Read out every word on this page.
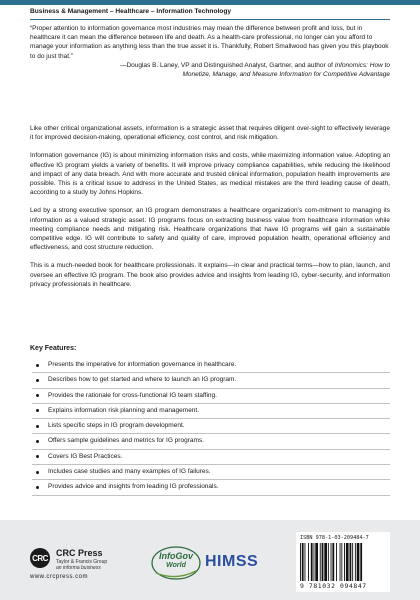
Business & Management – Healthcare – Information Technology

“Proper attention to information governance most industries may mean the difference between profit and loss, but in healthcare it can mean the difference between life and death. As a health-care professional, no longer can you afford to manage your information as anything less than the true asset it is. Thankfully, Robert Smallwood has given you this playbook to do just that.”

—Douglas B. Laney, VP and Distinguished Analyst, Gartner, and author of Infonomics: How to
Monetize, Manage, and Measure Information for Competitive Advantage

Like other critical organizational assets, information is a strategic asset that requires diligent over-sight to effectively leverage it for improved decision-making, operational efficiency, cost control, and risk mitigation.

Information governance (IG) is about minimizing information risks and costs, while maximizing information value. Adopting an effective IG program yields a variety of benefits. It will improve privacy compliance capabilities, while reducing the likelihood and impact of any data breach. And with more accurate and trusted clinical information, population health improvements are possible. This is a critical issue to address in the United States, as medical mistakes are the third leading cause of death, according to a study by Johns Hopkins.

Led by a strong executive sponsor, an IG program demonstrates a healthcare organization’s com-mitment to managing its information as a valued strategic asset. IG programs focus on extracting business value from healthcare information while meeting compliance needs and mitigating risk. Healthcare organizations that have IG programs will gain a sustainable competitive edge. IG will contribute to safety and quality of care, improved population health, operational efficiency and effectiveness, and cost structure reduction.

This is a much-needed book for healthcare professionals. It explains—in clear and practical terms—how to plan, launch, and oversee an effective IG program. The book also provides advice and insights from leading IG, cyber-security, and information privacy professionals in healthcare.

Key Features:
Presents the imperative for information governance in healthcare.
Describes how to get started and where to launch an IG program.
Provides the rationale for cross-functional IG team staffing.
Explains information risk planning and management.
Lists specific steps in IG program development.
Offers sample guidelines and metrics for IG programs.
Covers IG Best Practices.
Includes case studies and many examples of IG failures.
Provides advice and insights from leading IG professionals.
CRC CRC Press
Taylor & Francis Group
an informa business
www.crcpress.com
InfoGov
World	HIMSS
ISBN 978-1-03-209484-7
9 781032 094847
